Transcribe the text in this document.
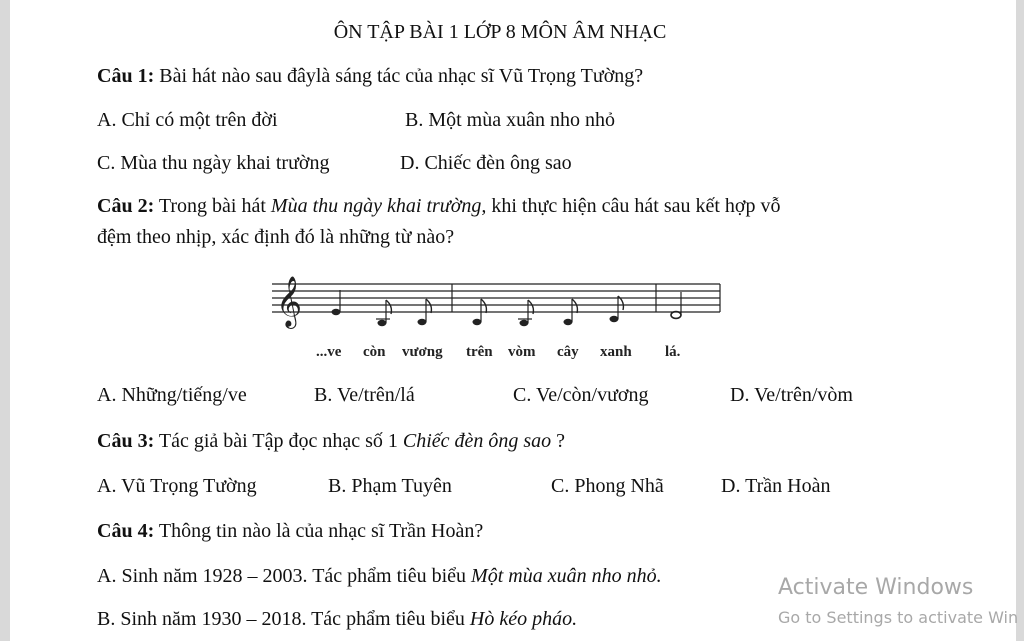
ÔN TẬP BÀI 1 LỚP 8 MÔN ÂM NHẠC
Câu 1: Bài hát nào sau đâylà sáng tác của nhạc sĩ Vũ Trọng Tường?
A. Chỉ có một trên đời	B. Một mùa xuân nho nhỏ
C. Mùa thu ngày khai trường	D. Chiếc đèn ông sao
Câu 2: Trong bài hát Mùa thu ngày khai trường, khi thực hiện câu hát sau kết hợp vỗ
đệm theo nhịp, xác định đó là những từ nào?
𝄞
...ve còn vương trên vòm cây xanh lá.
A. Những/tiếng/ve	B. Ve/trên/lá	C. Ve/còn/vương	D. Ve/trên/vòm
Câu 3: Tác giả bài Tập đọc nhạc số 1 Chiếc đèn ông sao ?
A. Vũ Trọng Tường	B. Phạm Tuyên	C. Phong Nhã	D. Trần Hoàn
Câu 4: Thông tin nào là của nhạc sĩ Trần Hoàn?
A. Sinh năm 1928 – 2003. Tác phẩm tiêu biểu Một mùa xuân nho nhỏ.
B. Sinh năm 1930 – 2018. Tác phẩm tiêu biểu Hò kéo pháo.
Activate Windows
Go to Settings to activate Win
